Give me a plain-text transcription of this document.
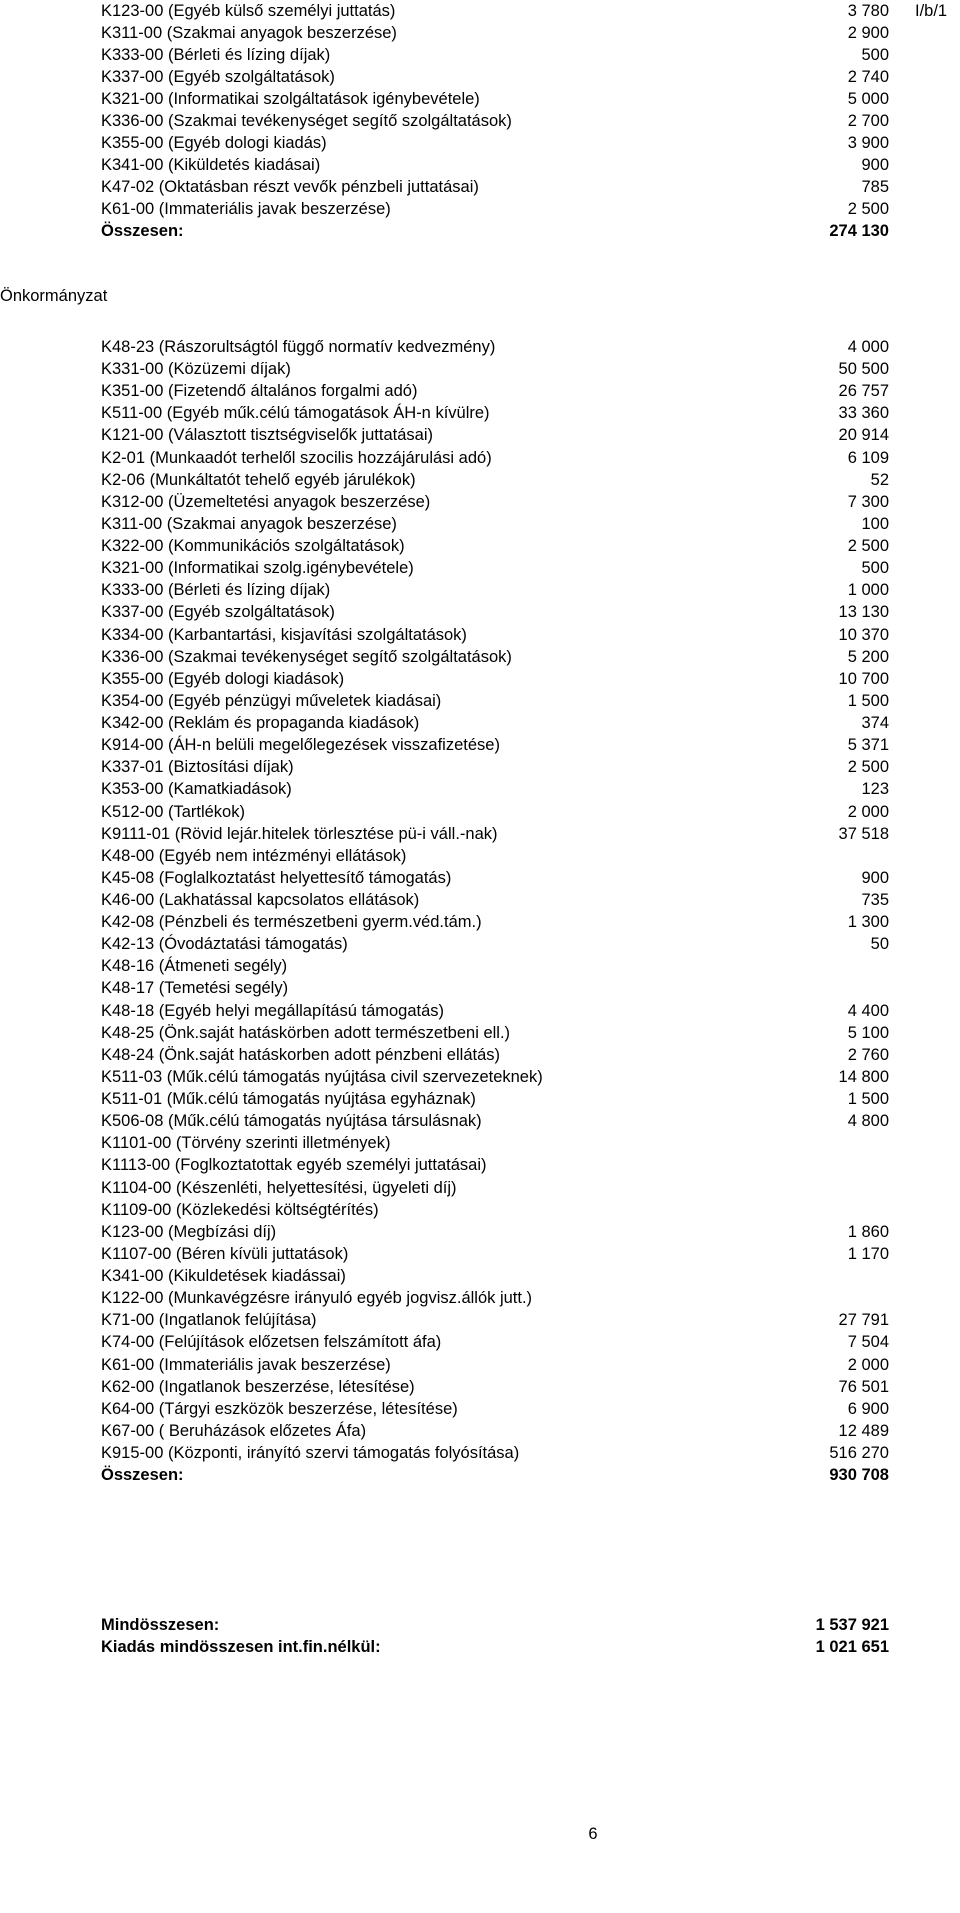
Önkormányzat
I/b/1
K123-00 (Egyéb külső személyi juttatás)	3 780
K311-00 (Szakmai anyagok beszerzése)	2 900
K333-00 (Bérleti és lízing díjak)	500
K337-00 (Egyéb szolgáltatások)	2 740
K321-00 (Informatikai szolgáltatások igénybevétele)	5 000
K336-00 (Szakmai tevékenységet segítő szolgáltatások)	2 700
K355-00 (Egyéb dologi kiadás)	3 900
K341-00 (Kiküldetés kiadásai)	900
K47-02 (Oktatásban részt vevők pénzbeli juttatásai)	785
K61-00 (Immateriális javak beszerzése)	2 500
Összesen:	274 130
K48-23 (Rászorultságtól függő normatív kedvezmény)	4 000
K331-00 (Közüzemi díjak)	50 500
K351-00 (Fizetendő általános forgalmi adó)	26 757
K511-00 (Egyéb műk.célú támogatások ÁH-n kívülre)	33 360
K121-00 (Választott tisztségviselők juttatásai)	20 914
K2-01 (Munkaadót terhelől szocilis hozzájárulási adó)	6 109
K2-06 (Munkáltatót tehelő egyéb járulékok)	52
K312-00 (Üzemeltetési anyagok beszerzése)	7 300
K311-00 (Szakmai anyagok beszerzése)	100
K322-00 (Kommunikációs szolgáltatások)	2 500
K321-00 (Informatikai szolg.igénybevétele)	500
K333-00 (Bérleti és lízing díjak)	1 000
K337-00 (Egyéb szolgáltatások)	13 130
K334-00 (Karbantartási, kisjavítási szolgáltatások)	10 370
K336-00 (Szakmai tevékenységet segítő szolgáltatások)	5 200
K355-00 (Egyéb dologi kiadások)	10 700
K354-00 (Egyéb pénzügyi műveletek kiadásai)	1 500
K342-00 (Reklám és propaganda kiadások)	374
K914-00 (ÁH-n belüli megelőlegezések visszafizetése)	5 371
K337-01 (Biztosítási díjak)	2 500
K353-00 (Kamatkiadások)	123
K512-00 (Tartlékok)	2 000
K9111-01 (Rövid lejár.hitelek törlesztése pü-i váll.-nak)	37 518
K48-00 (Egyéb nem intézményi ellátások)
K45-08 (Foglalkoztatást helyettesítő támogatás)	900
K46-00 (Lakhatással kapcsolatos ellátások)	735
K42-08 (Pénzbeli és természetbeni gyerm.véd.tám.)	1 300
K42-13 (Óvodáztatási támogatás)	50
K48-16 (Átmeneti segély)
K48-17 (Temetési segély)
K48-18 (Egyéb helyi megállapítású támogatás)	4 400
K48-25 (Önk.saját hatáskörben adott természetbeni ell.)	5 100
K48-24 (Önk.saját hatáskorben adott pénzbeni ellátás)	2 760
K511-03 (Műk.célú támogatás nyújtása civil szervezeteknek)	14 800
K511-01 (Műk.célú támogatás nyújtása egyháznak)	1 500
K506-08 (Műk.célú támogatás nyújtása társulásnak)	4 800
K1101-00 (Törvény szerinti illetmények)
K1113-00 (Foglkoztatottak egyéb személyi juttatásai)
K1104-00 (Készenléti, helyettesítési, ügyeleti díj)
K1109-00 (Közlekedési költségtérítés)
K123-00 (Megbízási díj)	1 860
K1107-00 (Béren kívüli juttatások)	1 170
K341-00 (Kikuldetések kiadássai)
K122-00 (Munkavégzésre irányuló egyéb jogvisz.állók jutt.)
K71-00 (Ingatlanok felújítása)	27 791
K74-00 (Felújítások előzetsen felszámított áfa)	7 504
K61-00 (Immateriális javak beszerzése)	2 000
K62-00 (Ingatlanok beszerzése, létesítése)	76 501
K64-00 (Tárgyi eszközök beszerzése, létesítése)	6 900
K67-00 ( Beruházások előzetes Áfa)	12 489
K915-00 (Központi, irányító szervi támogatás folyósítása)	516 270
Összesen:	930 708
Mindösszesen:	1 537 921
Kiadás mindösszesen int.fin.nélkül:	1 021 651
6
